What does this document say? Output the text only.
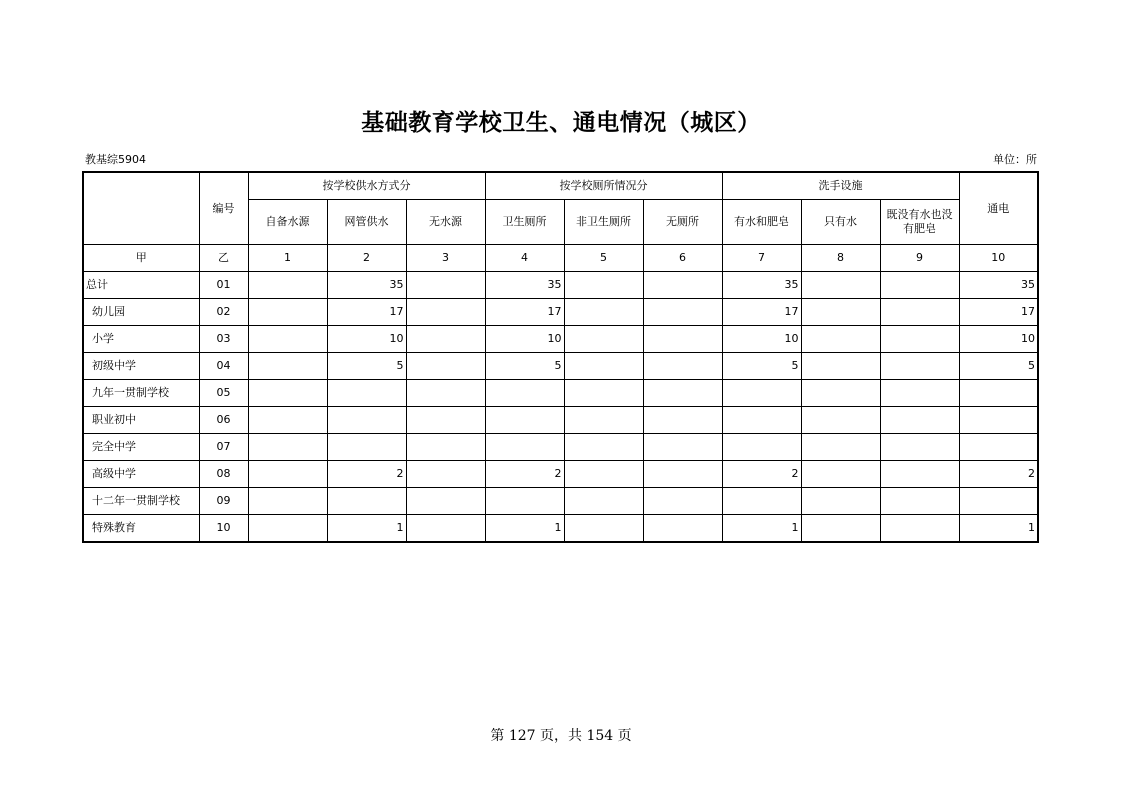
基础教育学校卫生、通电情况（城区）
教基综5904	单位：所
	编号	按学校供水方式分			按学校厕所情况分			洗手设施			通电
		自备水源	网管供水	无水源	卫生厕所	非卫生厕所	无厕所	有水和肥皂	只有水	既没有水也没有肥皂	
甲	乙	1	2	3	4	5	6	7	8	9	10
总计	01		35		35			35			35
幼儿园	02		17		17			17			17
小学	03		10		10			10			10
初级中学	04		5		5			5			5
九年一贯制学校	05										
职业初中	06										
完全中学	07										
高级中学	08		2		2			2			2
十二年一贯制学校	09										
特殊教育	10		1		1			1			1
第 127 页，共 154 页
